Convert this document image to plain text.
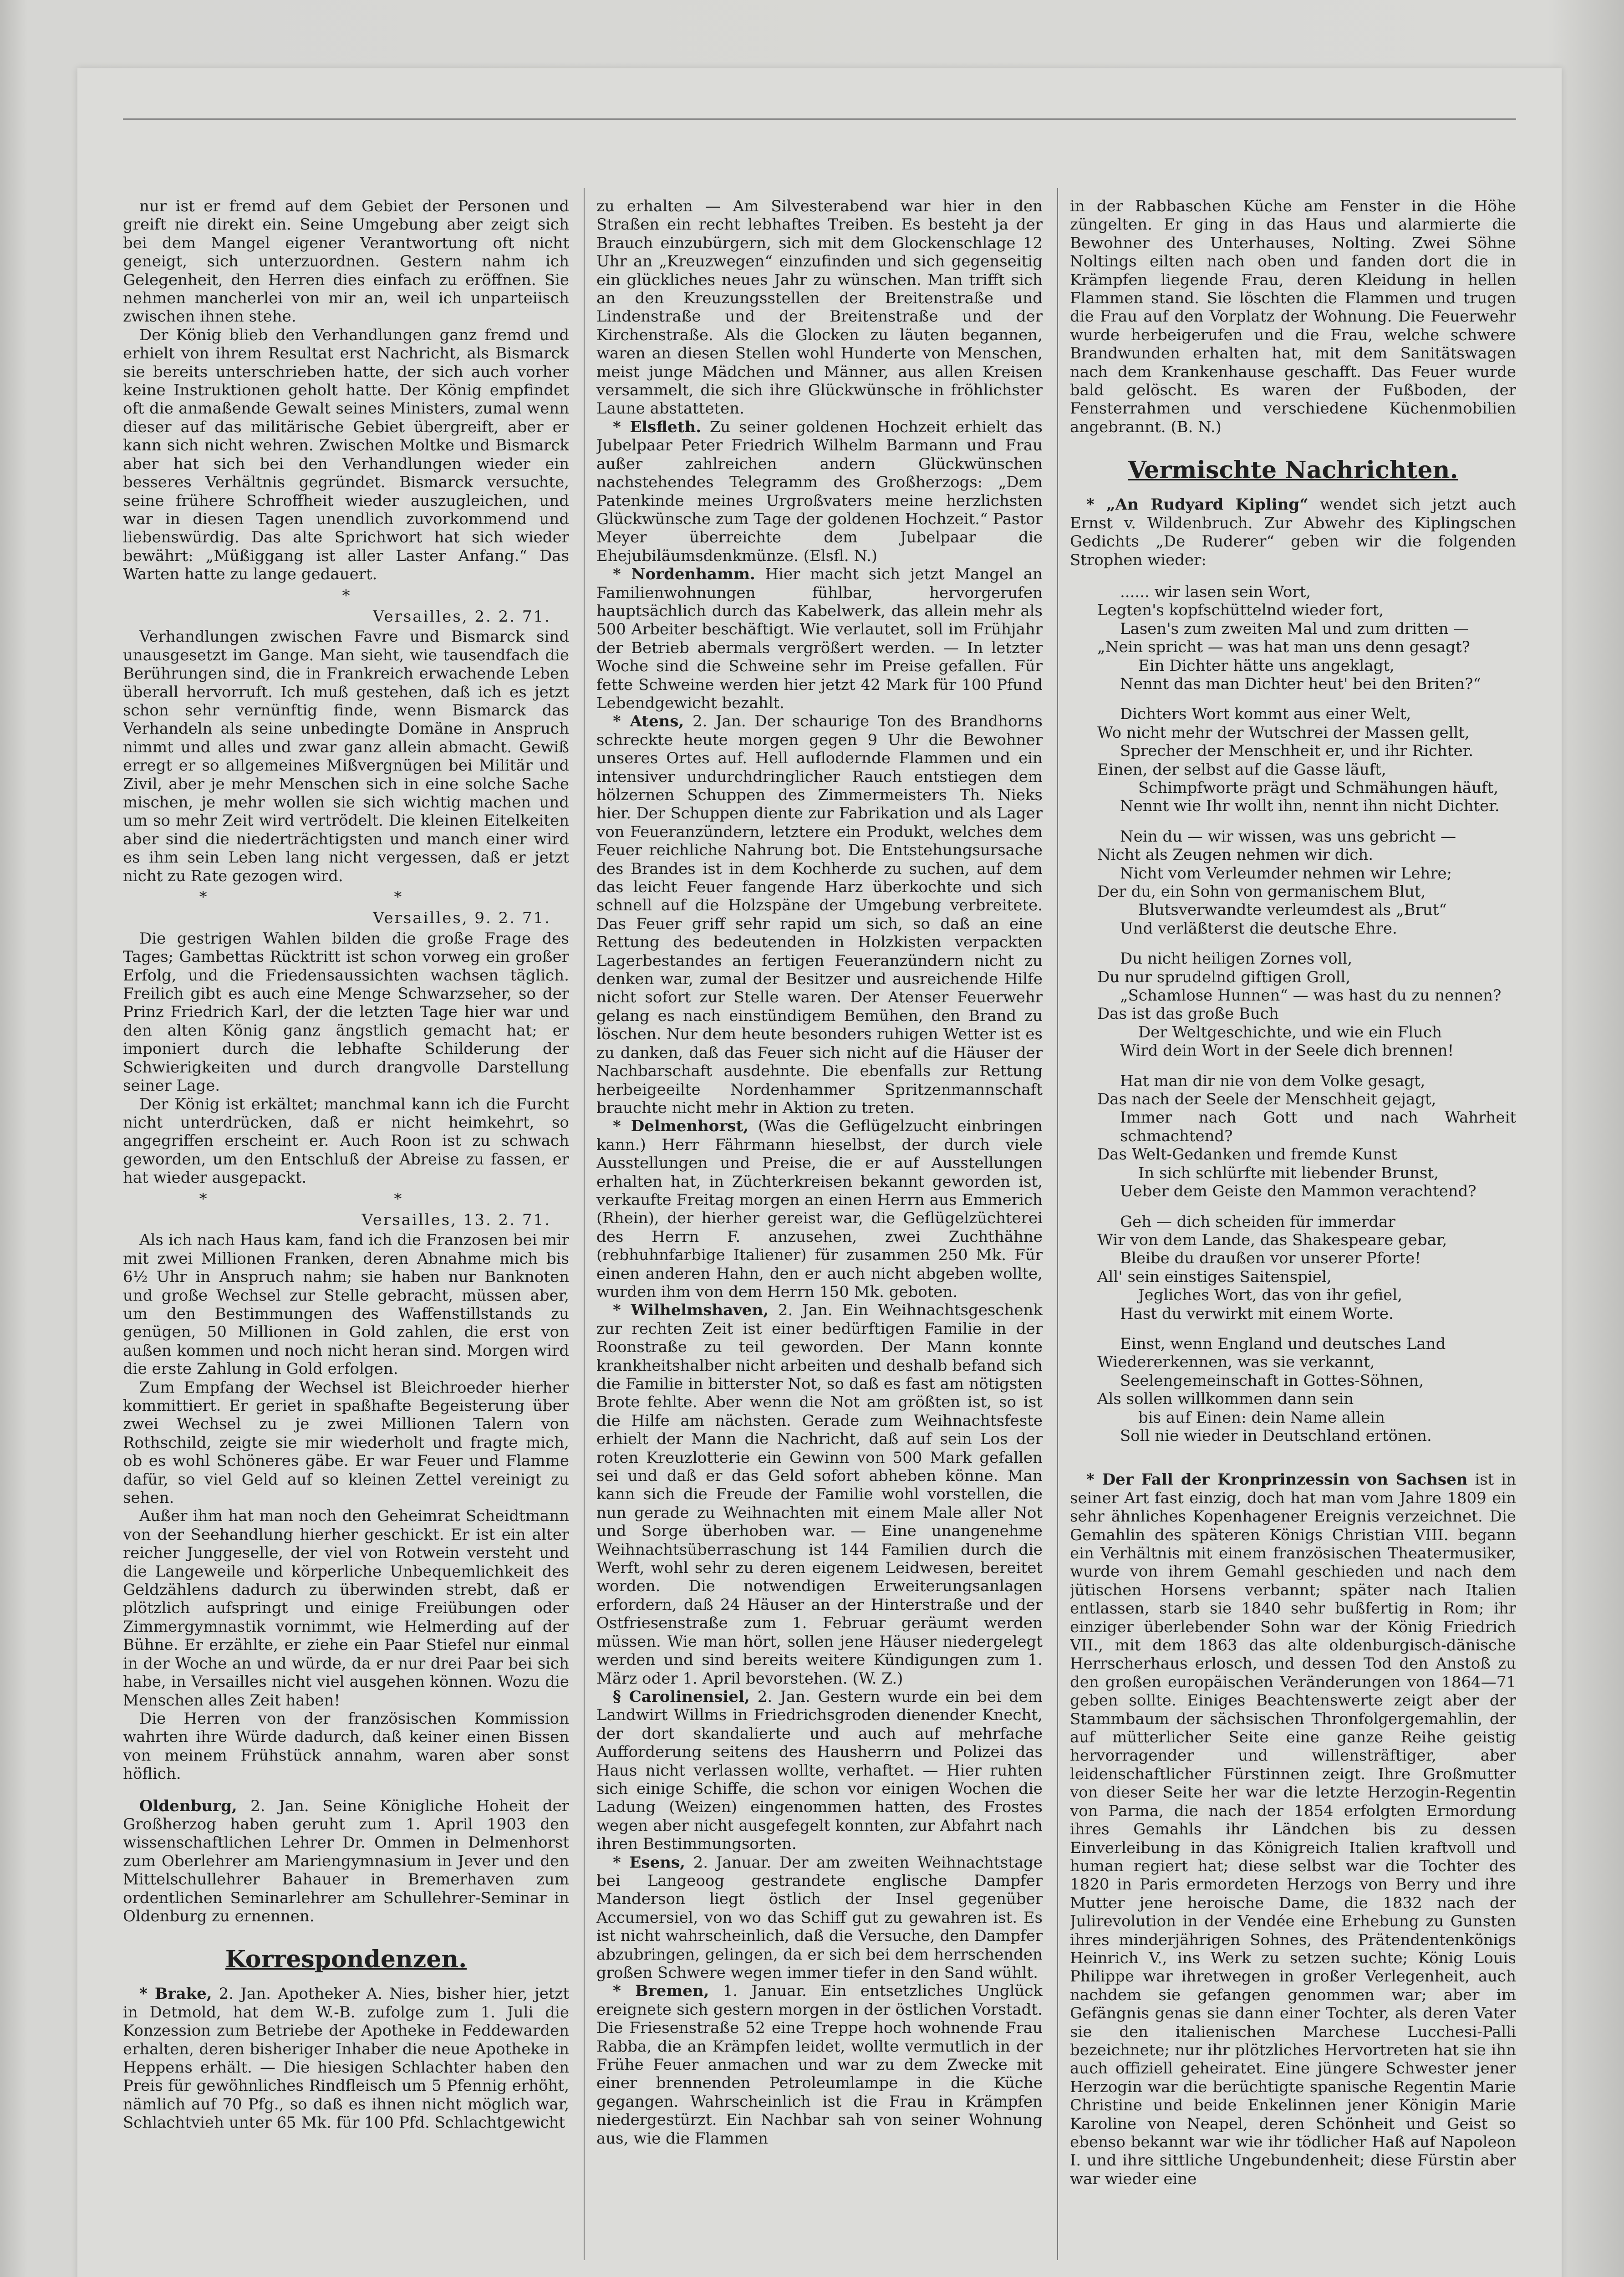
nur ist er fremd auf dem Gebiet der Personen und greift nie direkt ein. Seine Umgebung aber zeigt sich bei dem Mangel eigener Verantwortung oft nicht geneigt, sich unterzuordnen. Gestern nahm ich Gelegenheit, den Herren dies einfach zu eröffnen. Sie nehmen mancherlei von mir an, weil ich unparteiisch zwischen ihnen stehe.

Der König blieb den Verhandlungen ganz fremd und erhielt von ihrem Resultat erst Nachricht, als Bismarck sie bereits unterschrieben hatte, der sich auch vorher keine Instruktionen geholt hatte. Der König empfindet oft die anmaßende Gewalt seines Ministers, zumal wenn dieser auf das militärische Gebiet übergreift, aber er kann sich nicht wehren. Zwischen Moltke und Bismarck aber hat sich bei den Verhandlungen wieder ein besseres Verhältnis gegründet. Bismarck versuchte, seine frühere Schroffheit wieder auszugleichen, und war in diesen Tagen unendlich zuvorkommend und liebenswürdig. Das alte Sprichwort hat sich wieder bewährt: „Müßiggang ist aller Laster Anfang.“ Das Warten hatte zu lange gedauert.

*

Versailles, 2. 2. 71.

Verhandlungen zwischen Favre und Bismarck sind unausgesetzt im Gange. Man sieht, wie tausendfach die Berührungen sind, die in Frankreich erwachende Leben überall hervorruft. Ich muß gestehen, daß ich es jetzt schon sehr vernünftig finde, wenn Bismarck das Verhandeln als seine unbedingte Domäne in Anspruch nimmt und alles und zwar ganz allein abmacht. Gewiß erregt er so allgemeines Mißvergnügen bei Militär und Zivil, aber je mehr Menschen sich in eine solche Sache mischen, je mehr wollen sie sich wichtig machen und um so mehr Zeit wird vertrödelt. Die kleinen Eitelkeiten aber sind die niederträchtigsten und manch einer wird es ihm sein Leben lang nicht vergessen, daß er jetzt nicht zu Rate gezogen wird.

* *

Versailles, 9. 2. 71.

Die gestrigen Wahlen bilden die große Frage des Tages; Gambettas Rücktritt ist schon vorweg ein großer Erfolg, und die Friedensaussichten wachsen täglich. Freilich gibt es auch eine Menge Schwarzseher, so der Prinz Friedrich Karl, der die letzten Tage hier war und den alten König ganz ängstlich gemacht hat; er imponiert durch die lebhafte Schilderung der Schwierigkeiten und durch drangvolle Darstellung seiner Lage.

Der König ist erkältet; manchmal kann ich die Furcht nicht unterdrücken, daß er nicht heimkehrt, so angegriffen erscheint er. Auch Roon ist zu schwach geworden, um den Entschluß der Abreise zu fassen, er hat wieder ausgepackt.

* *

Versailles, 13. 2. 71.

Als ich nach Haus kam, fand ich die Franzosen bei mir mit zwei Millionen Franken, deren Abnahme mich bis 6½ Uhr in Anspruch nahm; sie haben nur Banknoten und große Wechsel zur Stelle gebracht, müssen aber, um den Bestimmungen des Waffenstillstands zu genügen, 50 Millionen in Gold zahlen, die erst von außen kommen und noch nicht heran sind. Morgen wird die erste Zahlung in Gold erfolgen.

Zum Empfang der Wechsel ist Bleichroeder hierher kommittiert. Er geriet in spaßhafte Begeisterung über zwei Wechsel zu je zwei Millionen Talern von Rothschild, zeigte sie mir wiederholt und fragte mich, ob es wohl Schöneres gäbe. Er war Feuer und Flamme dafür, so viel Geld auf so kleinen Zettel vereinigt zu sehen.

Außer ihm hat man noch den Geheimrat Scheidtmann von der Seehandlung hierher geschickt. Er ist ein alter reicher Junggeselle, der viel von Rotwein versteht und die Langeweile und körperliche Unbequemlichkeit des Geldzählens dadurch zu überwinden strebt, daß er plötzlich aufspringt und einige Freiübungen oder Zimmergymnastik vornimmt, wie Helmerding auf der Bühne. Er erzählte, er ziehe ein Paar Stiefel nur einmal in der Woche an und würde, da er nur drei Paar bei sich habe, in Versailles nicht viel ausgehen können. Wozu die Menschen alles Zeit haben!

Die Herren von der französischen Kommission wahrten ihre Würde dadurch, daß keiner einen Bissen von meinem Frühstück annahm, waren aber sonst höflich.

Oldenburg, 2. Jan. Seine Königliche Hoheit der Großherzog haben geruht zum 1. April 1903 den wissenschaftlichen Lehrer Dr. Ommen in Delmenhorst zum Oberlehrer am Mariengymnasium in Jever und den Mittelschullehrer Bahauer in Bremerhaven zum ordentlichen Seminarlehrer am Schullehrer-Seminar in Oldenburg zu ernennen.

Korrespondenzen.

* Brake, 2. Jan. Apotheker A. Nies, bisher hier, jetzt in Detmold, hat dem W.-B. zufolge zum 1. Juli die Konzession zum Betriebe der Apotheke in Feddewarden erhalten, deren bisheriger Inhaber die neue Apotheke in Heppens erhält. — Die hiesigen Schlachter haben den Preis für gewöhnliches Rindfleisch um 5 Pfennig erhöht, nämlich auf 70 Pfg., so daß es ihnen nicht möglich war, Schlachtvieh unter 65 Mk. für 100 Pfd. Schlachtgewicht

zu erhalten — Am Silvesterabend war hier in den Straßen ein recht lebhaftes Treiben. Es besteht ja der Brauch einzubürgern, sich mit dem Glockenschlage 12 Uhr an „Kreuzwegen“ einzufinden und sich gegenseitig ein glückliches neues Jahr zu wünschen. Man trifft sich an den Kreuzungsstellen der Breitenstraße und Lindenstraße und der Breitenstraße und der Kirchenstraße. Als die Glocken zu läuten begannen, waren an diesen Stellen wohl Hunderte von Menschen, meist junge Mädchen und Männer, aus allen Kreisen versammelt, die sich ihre Glückwünsche in fröhlichster Laune abstatteten.

* Elsfleth. Zu seiner goldenen Hochzeit erhielt das Jubelpaar Peter Friedrich Wilhelm Barmann und Frau außer zahlreichen andern Glückwünschen nachstehendes Telegramm des Großherzogs: „Dem Patenkinde meines Urgroßvaters meine herzlichsten Glückwünsche zum Tage der goldenen Hochzeit.“ Pastor Meyer überreichte dem Jubelpaar die Ehejubiläumsdenkmünze. (Elsfl. N.)

* Nordenhamm. Hier macht sich jetzt Mangel an Familienwohnungen fühlbar, hervorgerufen hauptsächlich durch das Kabelwerk, das allein mehr als 500 Arbeiter beschäftigt. Wie verlautet, soll im Frühjahr der Betrieb abermals vergrößert werden. — In letzter Woche sind die Schweine sehr im Preise gefallen. Für fette Schweine werden hier jetzt 42 Mark für 100 Pfund Lebendgewicht bezahlt.

* Atens, 2. Jan. Der schaurige Ton des Brandhorns schreckte heute morgen gegen 9 Uhr die Bewohner unseres Ortes auf. Hell auflodernde Flammen und ein intensiver undurchdringlicher Rauch entstiegen dem hölzernen Schuppen des Zimmermeisters Th. Nieks hier. Der Schuppen diente zur Fabrikation und als Lager von Feueranzündern, letztere ein Produkt, welches dem Feuer reichliche Nahrung bot. Die Entstehungsursache des Brandes ist in dem Kochherde zu suchen, auf dem das leicht Feuer fangende Harz überkochte und sich schnell auf die Holzspäne der Umgebung verbreitete. Das Feuer griff sehr rapid um sich, so daß an eine Rettung des bedeutenden in Holzkisten verpackten Lagerbestandes an fertigen Feueranzündern nicht zu denken war, zumal der Besitzer und ausreichende Hilfe nicht sofort zur Stelle waren. Der Atenser Feuerwehr gelang es nach einstündigem Bemühen, den Brand zu löschen. Nur dem heute besonders ruhigen Wetter ist es zu danken, daß das Feuer sich nicht auf die Häuser der Nachbarschaft ausdehnte. Die ebenfalls zur Rettung herbeigeeilte Nordenhammer Spritzenmannschaft brauchte nicht mehr in Aktion zu treten.

* Delmenhorst, (Was die Geflügelzucht einbringen kann.) Herr Fährmann hieselbst, der durch viele Ausstellungen und Preise, die er auf Ausstellungen erhalten hat, in Züchterkreisen bekannt geworden ist, verkaufte Freitag morgen an einen Herrn aus Emmerich (Rhein), der hierher gereist war, die Geflügelzüchterei des Herrn F. anzusehen, zwei Zuchthähne (rebhuhnfarbige Italiener) für zusammen 250 Mk. Für einen anderen Hahn, den er auch nicht abgeben wollte, wurden ihm von dem Herrn 150 Mk. geboten.

* Wilhelmshaven, 2. Jan. Ein Weihnachtsgeschenk zur rechten Zeit ist einer bedürftigen Familie in der Roonstraße zu teil geworden. Der Mann konnte krankheitshalber nicht arbeiten und deshalb befand sich die Familie in bitterster Not, so daß es fast am nötigsten Brote fehlte. Aber wenn die Not am größten ist, so ist die Hilfe am nächsten. Gerade zum Weihnachtsfeste erhielt der Mann die Nachricht, daß auf sein Los der roten Kreuzlotterie ein Gewinn von 500 Mark gefallen sei und daß er das Geld sofort abheben könne. Man kann sich die Freude der Familie wohl vorstellen, die nun gerade zu Weihnachten mit einem Male aller Not und Sorge überhoben war. — Eine unangenehme Weihnachtsüberraschung ist 144 Familien durch die Werft, wohl sehr zu deren eigenem Leidwesen, bereitet worden. Die notwendigen Erweiterungsanlagen erfordern, daß 24 Häuser an der Hinterstraße und der Ostfriesenstraße zum 1. Februar geräumt werden müssen. Wie man hört, sollen jene Häuser niedergelegt werden und sind bereits weitere Kündigungen zum 1. März oder 1. April bevorstehen. (W. Z.)

§ Carolinensiel, 2. Jan. Gestern wurde ein bei dem Landwirt Willms in Friedrichsgroden dienender Knecht, der dort skandalierte und auch auf mehrfache Aufforderung seitens des Hausherrn und Polizei das Haus nicht verlassen wollte, verhaftet. — Hier ruhten sich einige Schiffe, die schon vor einigen Wochen die Ladung (Weizen) eingenommen hatten, des Frostes wegen aber nicht ausgefegelt konnten, zur Abfahrt nach ihren Bestimmungsorten.

* Esens, 2. Januar. Der am zweiten Weihnachtstage bei Langeoog gestrandete englische Dampfer Manderson liegt östlich der Insel gegenüber Accumersiel, von wo das Schiff gut zu gewahren ist. Es ist nicht wahrscheinlich, daß die Versuche, den Dampfer abzubringen, gelingen, da er sich bei dem herrschenden großen Schwere wegen immer tiefer in den Sand wühlt.

* Bremen, 1. Januar. Ein entsetzliches Unglück ereignete sich gestern morgen in der östlichen Vorstadt. Die Friesenstraße 52 eine Treppe hoch wohnende Frau Rabba, die an Krämpfen leidet, wollte vermutlich in der Frühe Feuer anmachen und war zu dem Zwecke mit einer brennenden Petroleumlampe in die Küche gegangen. Wahrscheinlich ist die Frau in Krämpfen niedergestürzt. Ein Nachbar sah von seiner Wohnung aus, wie die Flammen

in der Rabbaschen Küche am Fenster in die Höhe züngelten. Er ging in das Haus und alarmierte die Bewohner des Unterhauses, Nolting. Zwei Söhne Noltings eilten nach oben und fanden dort die in Krämpfen liegende Frau, deren Kleidung in hellen Flammen stand. Sie löschten die Flammen und trugen die Frau auf den Vorplatz der Wohnung. Die Feuerwehr wurde herbeigerufen und die Frau, welche schwere Brandwunden erhalten hat, mit dem Sanitätswagen nach dem Krankenhause geschafft. Das Feuer wurde bald gelöscht. Es waren der Fußboden, der Fensterrahmen und verschiedene Küchenmobilien angebrannt. (B. N.)

Vermischte Nachrichten.

* „An Rudyard Kipling“ wendet sich jetzt auch Ernst v. Wildenbruch. Zur Abwehr des Kiplingschen Gedichts „De Ruderer“ geben wir die folgenden Strophen wieder:

...... wir lasen sein Wort,
Legten's kopfschüttelnd wieder fort,
Lasen's zum zweiten Mal und zum dritten —
„Nein spricht — was hat man uns denn gesagt?
Ein Dichter hätte uns angeklagt,
Nennt das man Dichter heut' bei den Briten?“
Dichters Wort kommt aus einer Welt,
Wo nicht mehr der Wutschrei der Massen gellt,
Sprecher der Menschheit er, und ihr Richter.
Einen, der selbst auf die Gasse läuft,
Schimpfworte prägt und Schmähungen häuft,
Nennt wie Ihr wollt ihn, nennt ihn nicht Dichter.
Nein du — wir wissen, was uns gebricht —
Nicht als Zeugen nehmen wir dich.
Nicht vom Verleumder nehmen wir Lehre;
Der du, ein Sohn von germanischem Blut,
Blutsverwandte verleumdest als „Brut“
Und verläßterst die deutsche Ehre.
Du nicht heiligen Zornes voll,
Du nur sprudelnd giftigen Groll,
„Schamlose Hunnen“ — was hast du zu nennen?
Das ist das große Buch
Der Weltgeschichte, und wie ein Fluch
Wird dein Wort in der Seele dich brennen!
Hat man dir nie von dem Volke gesagt,
Das nach der Seele der Menschheit gejagt,
Immer nach Gott und nach Wahrheit schmachtend?
Das Welt-Gedanken und fremde Kunst
In sich schlürfte mit liebender Brunst,
Ueber dem Geiste den Mammon verachtend?
Geh — dich scheiden für immerdar
Wir von dem Lande, das Shakespeare gebar,
Bleibe du draußen vor unserer Pforte!
All' sein einstiges Saitenspiel,
Jegliches Wort, das von ihr gefiel,
Hast du verwirkt mit einem Worte.
Einst, wenn England und deutsches Land
Wiedererkennen, was sie verkannt,
Seelengemeinschaft in Gottes-Söhnen,
Als sollen willkommen dann sein
bis auf Einen: dein Name allein
Soll nie wieder in Deutschland ertönen.

* Der Fall der Kronprinzessin von Sachsen ist in seiner Art fast einzig, doch hat man vom Jahre 1809 ein sehr ähnliches Kopenhagener Ereignis verzeichnet. Die Gemahlin des späteren Königs Christian VIII. begann ein Verhältnis mit einem französischen Theatermusiker, wurde von ihrem Gemahl geschieden und nach dem jütischen Horsens verbannt; später nach Italien entlassen, starb sie 1840 sehr bußfertig in Rom; ihr einziger überlebender Sohn war der König Friedrich VII., mit dem 1863 das alte oldenburgisch-dänische Herrscherhaus erlosch, und dessen Tod den Anstoß zu den großen europäischen Veränderungen von 1864—71 geben sollte. Einiges Beachtenswerte zeigt aber der Stammbaum der sächsischen Thronfolgergemahlin, der auf mütterlicher Seite eine ganze Reihe geistig hervorragender und willensträftiger, aber leidenschaftlicher Fürstinnen zeigt. Ihre Großmutter von dieser Seite her war die letzte Herzogin-Regentin von Parma, die nach der 1854 erfolgten Ermordung ihres Gemahls ihr Ländchen bis zu dessen Einverleibung in das Königreich Italien kraftvoll und human regiert hat; diese selbst war die Tochter des 1820 in Paris ermordeten Herzogs von Berry und ihre Mutter jene heroische Dame, die 1832 nach der Julirevolution in der Vendée eine Erhebung zu Gunsten ihres minderjährigen Sohnes, des Prätendentenkönigs Heinrich V., ins Werk zu setzen suchte; König Louis Philippe war ihretwegen in großer Verlegenheit, auch nachdem sie gefangen genommen war; aber im Gefängnis genas sie dann einer Tochter, als deren Vater sie den italienischen Marchese Lucchesi-Palli bezeichnete; nur ihr plötzliches Hervortreten hat sie ihn auch offiziell geheiratet. Eine jüngere Schwester jener Herzogin war die berüchtigte spanische Regentin Marie Christine und beide Enkelinnen jener Königin Marie Karoline von Neapel, deren Schönheit und Geist so ebenso bekannt war wie ihr tödlicher Haß auf Napoleon I. und ihre sittliche Ungebundenheit; diese Fürstin aber war wieder eine
